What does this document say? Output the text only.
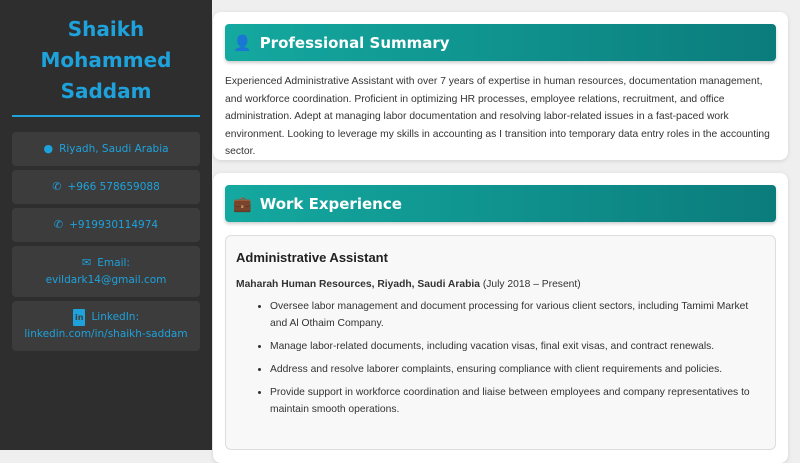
Shaikh Mohammed Saddam
● Riyadh, Saudi Arabia
✆ +966 578659088
✆ +919930114974
✉ Email: evildark14@gmail.com
in LinkedIn: linkedin.com/in/shaikh-saddam
👤 Professional Summary

Experienced Administrative Assistant with over 7 years of expertise in human resources, documentation management, and workforce coordination. Proficient in optimizing HR processes, employee relations, recruitment, and office administration. Adept at managing labor documentation and resolving labor-related issues in a fast-paced work environment. Looking to leverage my skills in accounting as I transition into temporary data entry roles in the accounting sector.

💼 Work Experience
Administrative Assistant
Maharah Human Resources, Riyadh, Saudi Arabia (July 2018 – Present)
• Oversee labor management and document processing for various client sectors, including Tamimi Market and Al Othaim Company.
• Manage labor-related documents, including vacation visas, final exit visas, and contract renewals.
• Address and resolve laborer complaints, ensuring compliance with client requirements and policies.
• Provide support in workforce coordination and liaise between employees and company representatives to maintain smooth operations.
